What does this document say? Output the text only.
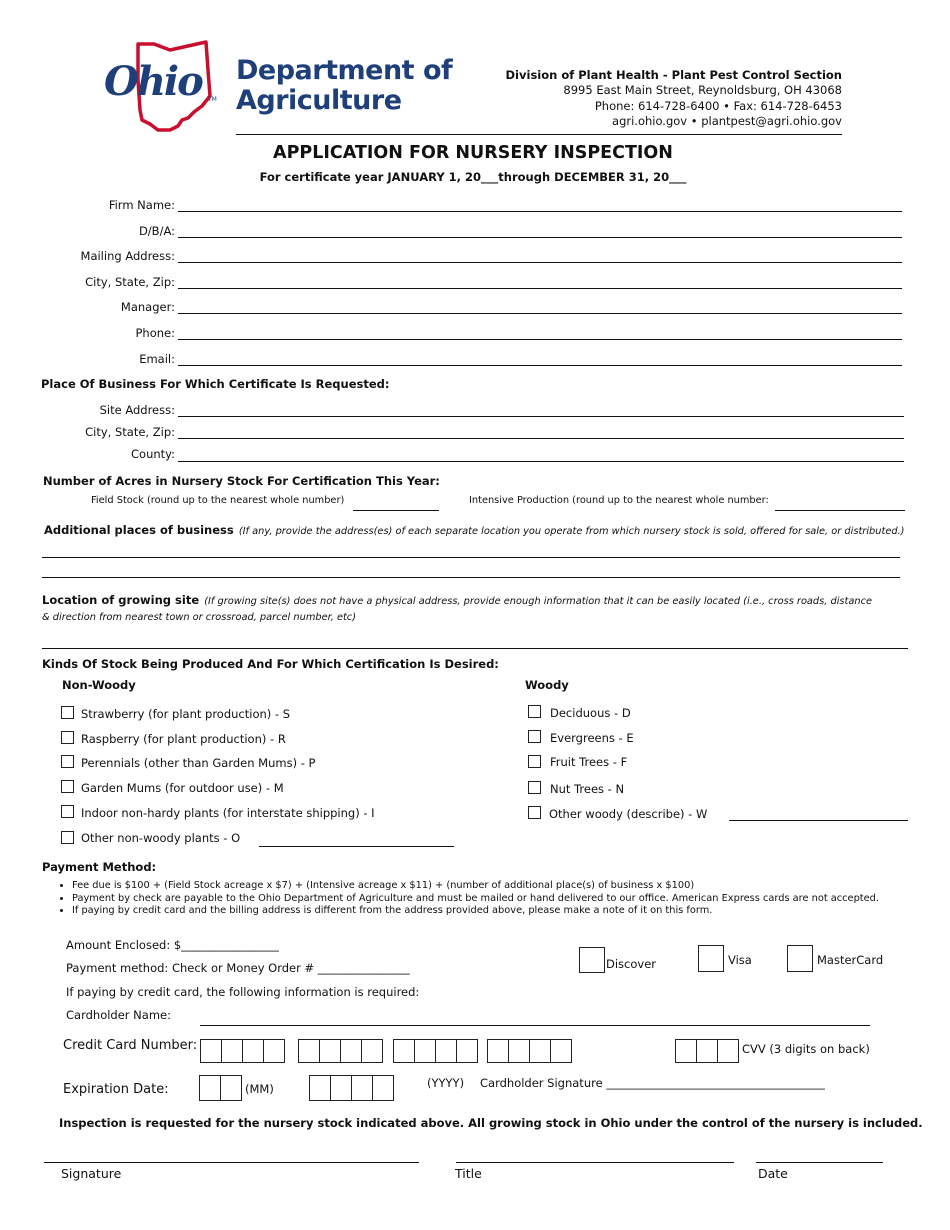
Ohio TM
Department of
Agriculture
Division of Plant Health - Plant Pest Control Section
8995 East Main Street, Reynoldsburg, OH 43068
Phone: 614-728-6400 • Fax: 614-728-6453
agri.ohio.gov • plantpest@agri.ohio.gov
APPLICATION FOR NURSERY INSPECTION
For certificate year JANUARY 1, 20___through DECEMBER 31, 20___
Firm Name:
D/B/A:
Mailing Address:
City, State, Zip:
Manager:
Phone:
Email:
Place Of Business For Which Certificate Is Requested:
Site Address:
City, State, Zip:
County:
Number of Acres in Nursery Stock For Certification This Year:
Field Stock (round up to the nearest whole number)	Intensive Production (round up to the nearest whole number:
Additional places of business (If any, provide the address(es) of each separate location you operate from which nursery stock is sold, offered for sale, or distributed.)
Location of growing site (If growing site(s) does not have a physical address, provide enough information that it can be easily located (i.e., cross roads, distance & direction from nearest town or crossroad, parcel number, etc)
Kinds Of Stock Being Produced And For Which Certification Is Desired:
Non-Woody	Woody
Strawberry (for plant production) - S
Raspberry (for plant production) - R
Perennials (other than Garden Mums) - P
Garden Mums (for outdoor use) - M
Indoor non-hardy plants (for interstate shipping) - I
Other non-woody plants - O
Deciduous - D
Evergreens - E
Fruit Trees - F
Nut Trees - N
Other woody (describe) - W
Payment Method:
• Fee due is $100 + (Field Stock acreage x $7) + (Intensive acreage x $11) + (number of additional place(s) of business x $100)
• Payment by check are payable to the Ohio Department of Agriculture and must be mailed or hand delivered to our office. American Express cards are not accepted.
• If paying by credit card and the billing address is different from the address provided above, please make a note of it on this form.
Amount Enclosed: $_________________
Payment method: Check or Money Order # ________________
If paying by credit card, the following information is required:
Cardholder Name:
Discover	Visa	MasterCard
Credit Card Number:	CVV (3 digits on back)
Expiration Date:	(MM)	(YYYY) Cardholder Signature ______________________________________
Inspection is requested for the nursery stock indicated above. All growing stock in Ohio under the control of the nursery is included.
Signature	Title	Date
